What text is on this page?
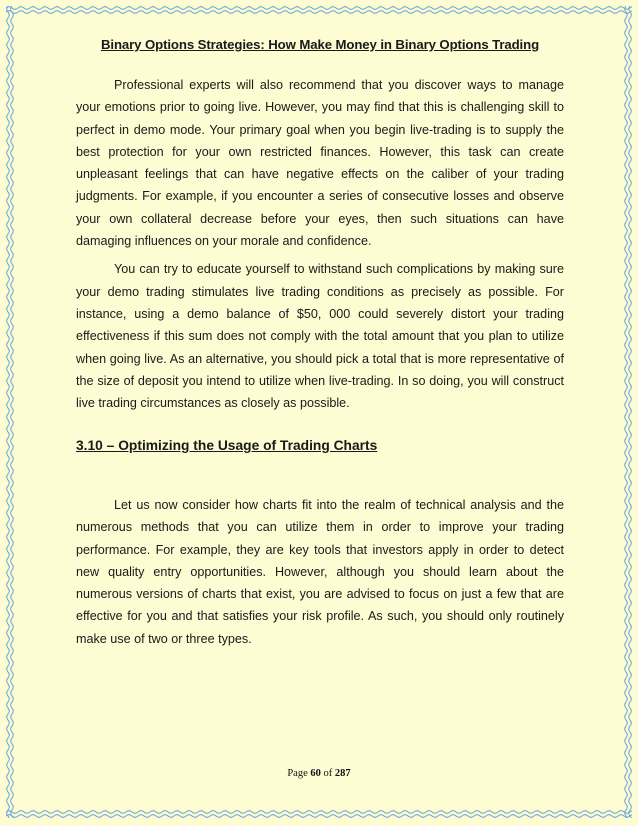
Binary Options Strategies: How Make Money in Binary Options Trading

Professional experts will also recommend that you discover ways to manage your emotions prior to going live. However, you may find that this is challenging skill to perfect in demo mode. Your primary goal when you begin live-trading is to supply the best protection for your own restricted finances. However, this task can create unpleasant feelings that can have negative effects on the caliber of your trading judgments. For example, if you encounter a series of consecutive losses and observe your own collateral decrease before your eyes, then such situations can have damaging influences on your morale and confidence.

You can try to educate yourself to withstand such complications by making sure your demo trading stimulates live trading conditions as precisely as possible. For instance, using a demo balance of $50, 000 could severely distort your trading effectiveness if this sum does not comply with the total amount that you plan to utilize when going live. As an alternative, you should pick a total that is more representative of the size of deposit you intend to utilize when live-trading. In so doing, you will construct live trading circumstances as closely as possible.

3.10 – Optimizing the Usage of Trading Charts

Let us now consider how charts fit into the realm of technical analysis and the numerous methods that you can utilize them in order to improve your trading performance. For example, they are key tools that investors apply in order to detect new quality entry opportunities. However, although you should learn about the numerous versions of charts that exist, you are advised to focus on just a few that are effective for you and that satisfies your risk profile. As such, you should only routinely make use of two or three types.

Page 60 of 287
